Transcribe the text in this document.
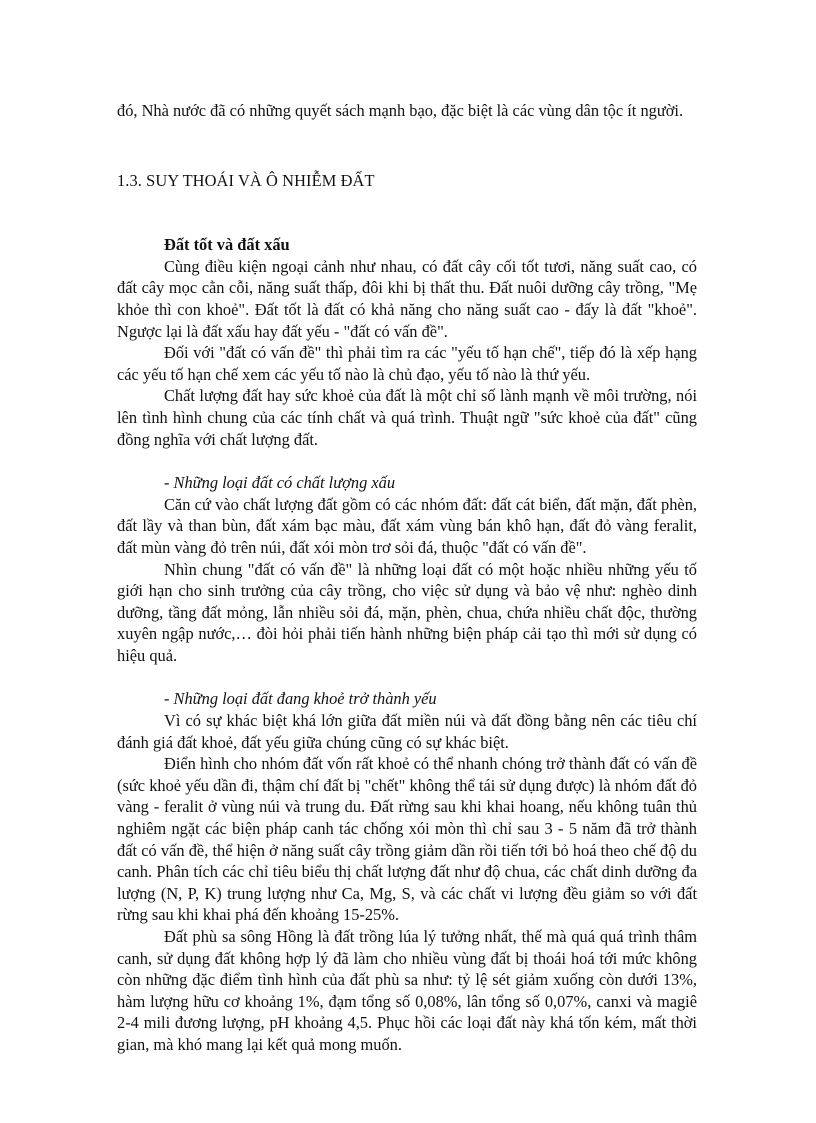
đó, Nhà nước đã có những quyết sách mạnh bạo, đặc biệt là các vùng dân tộc ít người.

1.3. SUY THOÁI VÀ Ô NHIỄM ĐẤT

Đất tốt và đất xấu

Cùng điều kiện ngoại cảnh như nhau, có đất cây cối tốt tươi, năng suất cao, có đất cây mọc cằn cỗi, năng suất thấp, đôi khi bị thất thu. Đất nuôi dưỡng cây trồng, "Mẹ khỏe thì con khoẻ". Đất tốt là đất có khả năng cho năng suất cao - đấy là đất "khoẻ". Ngược lại là đất xấu hay đất yếu - "đất có vấn đề".

Đối với "đất có vấn đề" thì phải tìm ra các "yếu tố hạn chế", tiếp đó là xếp hạng các yếu tố hạn chế xem các yếu tố nào là chủ đạo, yếu tố nào là thứ yếu.

Chất lượng đất hay sức khoẻ của đất là một chỉ số lành mạnh về môi trường, nói lên tình hình chung của các tính chất và quá trình. Thuật ngữ "sức khoẻ của đất" cũng đồng nghĩa với chất lượng đất.

- Những loại đất có chất lượng xấu

Căn cứ vào chất lượng đất gồm có các nhóm đất: đất cát biển, đất mặn, đất phèn, đất lầy và than bùn, đất xám bạc màu, đất xám vùng bán khô hạn, đất đỏ vàng feralit, đất mùn vàng đỏ trên núi, đất xói mòn trơ sỏi đá, thuộc "đất có vấn đề".

Nhìn chung "đất có vấn đề" là những loại đất có một hoặc nhiều những yếu tố giới hạn cho sinh trưởng của cây trồng, cho việc sử dụng và bảo vệ như: nghèo dinh dưỡng, tầng đất mỏng, lẫn nhiều sỏi đá, mặn, phèn, chua, chứa nhiều chất độc, thường xuyên ngập nước,… đòi hỏi phải tiến hành những biện pháp cải tạo thì mới sử dụng có hiệu quả.

- Những loại đất đang khoẻ trở thành yếu

Vì có sự khác biệt khá lớn giữa đất miền núi và đất đồng bằng nên các tiêu chí đánh giá đất khoẻ, đất yếu giữa chúng cũng có sự khác biệt.

Điển hình cho nhóm đất vốn rất khoẻ có thể nhanh chóng trở thành đất có vấn đề (sức khoẻ yếu dần đi, thậm chí đất bị "chết" không thể tái sử dụng được) là nhóm đất đỏ vàng - feralit ở vùng núi và trung du. Đất rừng sau khi khai hoang, nếu không tuân thủ nghiêm ngặt các biện pháp canh tác chống xói mòn thì chỉ sau 3 - 5 năm đã trở thành đất có vấn đề, thể hiện ở năng suất cây trồng giảm dần rồi tiến tới bỏ hoá theo chế độ du canh. Phân tích các chỉ tiêu biểu thị chất lượng đất như độ chua, các chất dinh dưỡng đa lượng (N, P, K) trung lượng như Ca, Mg, S, và các chất vi lượng đều giảm so với đất rừng sau khi khai phá đến khoảng 15-25%.

Đất phù sa sông Hồng là đất trồng lúa lý tưởng nhất, thế mà quá quá trình thâm canh, sử dụng đất không hợp lý đã làm cho nhiều vùng đất bị thoái hoá tới mức không còn những đặc điểm tình hình của đất phù sa như: tỷ lệ sét giảm xuống còn dưới 13%, hàm lượng hữu cơ khoảng 1%, đạm tổng số 0,08%, lân tổng số 0,07%, canxi và magiê 2-4 mili đương lượng, pH khoảng 4,5. Phục hồi các loại đất này khá tốn kém, mất thời gian, mà khó mang lại kết quả mong muốn.
